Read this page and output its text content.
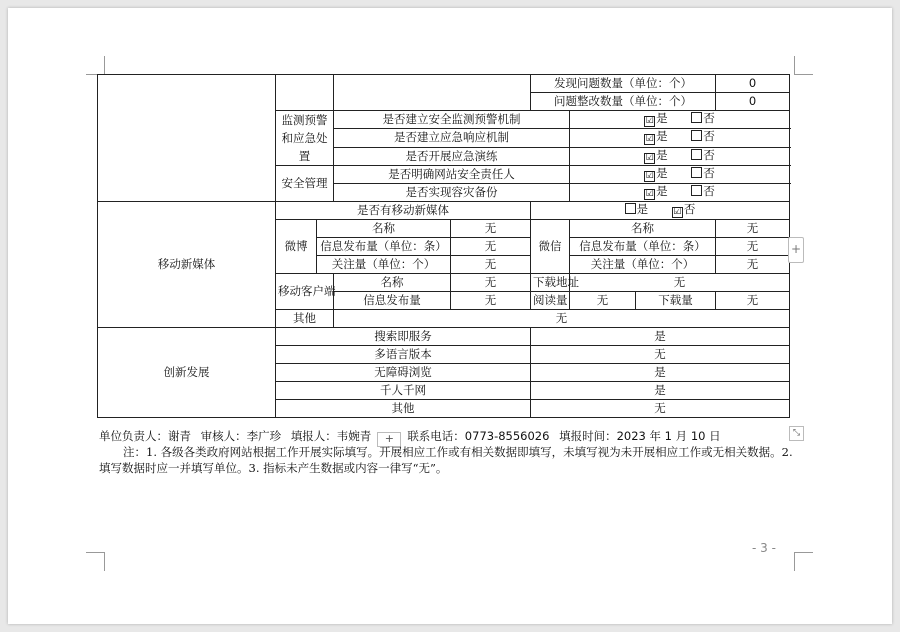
					发现问题数量（单位：个）			0
					问题整改数量（单位：个）			0

	监测预警和应急处置		是否建立安全监测预警机制			☑ 是 否		
			是否建立应急响应机制			☑ 是 否		
			是否开展应急演练			☑ 是 否		
	安全管理		是否明确网站安全责任人			☑ 是 否		
			是否实现容灾备份			☑ 是 否		
移动新媒体	是否有移动新媒体				是 ☑ 否			
	微博	名称		无	微信	名称		无
		信息发布量（单位：条）		无		信息发布量（单位：条）		无
		关注量（单位：个）		无		关注量（单位：个）		无
	移动客户端		名称	无	下载地址	无		
			信息发布量	无	阅读量	无	下载量	无
	其他		无					
创新发展	搜索即服务				是			
	多语言版本				无			
	无障碍浏览				是			
	千人千网				是			
	其他				无			
+
⤡
单位负责人：谢青 审核人：李广珍 填报人：韦婉青 + 联系电话：0773-8556026 填报时间：2023 年 1 月 10 日
注：1. 各级各类政府网站根据工作开展实际填写。开展相应工作或有相关数据即填写，未填写视为未开展相应工作或无相关数据。2. 填写数据时应一并填写单位。3. 指标未产生数据或内容一律写“无”。
- 3 -
